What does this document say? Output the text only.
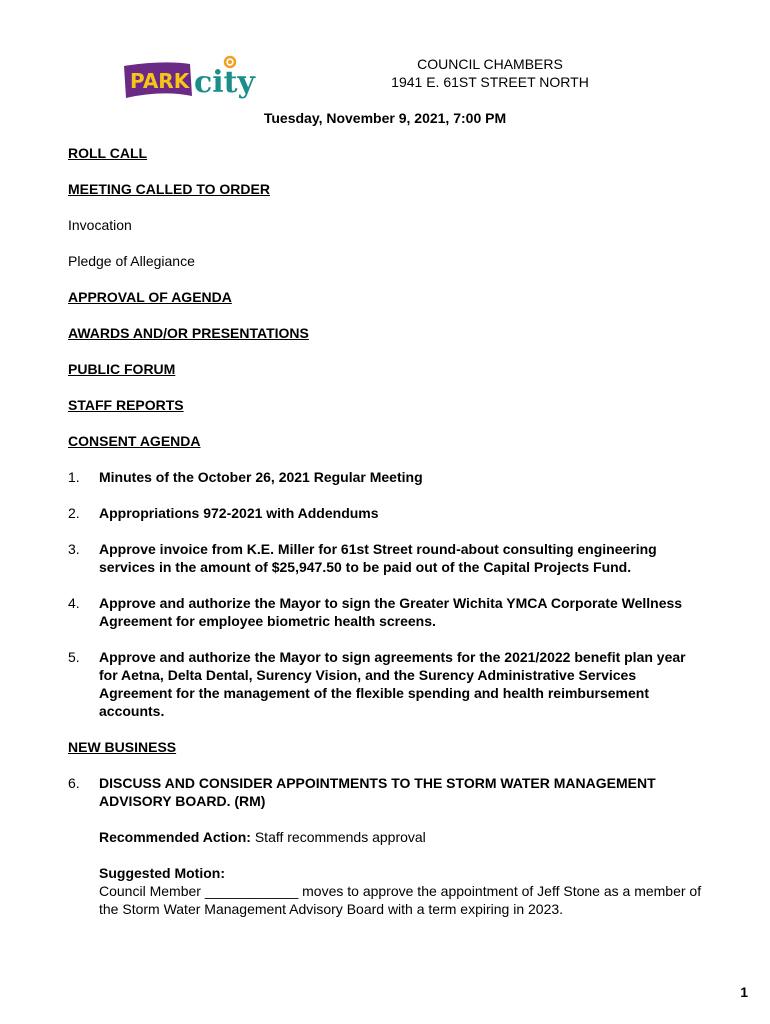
PARK city
COUNCIL CHAMBERS
1941 E. 61ST STREET NORTH
Tuesday, November 9, 2021, 7:00 PM

ROLL CALL

MEETING CALLED TO ORDER

Invocation

Pledge of Allegiance

APPROVAL OF AGENDA

AWARDS AND/OR PRESENTATIONS

PUBLIC FORUM

STAFF REPORTS

CONSENT AGENDA

1.	Minutes of the October 26, 2021 Regular Meeting
2.	Appropriations 972-2021 with Addendums
3.	Approve invoice from K.E. Miller for 61st Street round-about consulting engineering services in the amount of $25,947.50 to be paid out of the Capital Projects Fund.
4.	Approve and authorize the Mayor to sign the Greater Wichita YMCA Corporate Wellness Agreement for employee biometric health screens.
5.	Approve and authorize the Mayor to sign agreements for the 2021/2022 benefit plan year for Aetna, Delta Dental, Surency Vision, and the Surency Administrative Services Agreement for the management of the flexible spending and health reimbursement accounts.

NEW BUSINESS

6.	DISCUSS AND CONSIDER APPOINTMENTS TO THE STORM WATER MANAGEMENT ADVISORY BOARD. (RM)
Recommended Action: Staff recommends approval
Suggested Motion:
Council Member ____________ moves to approve the appointment of Jeff Stone as a member of the Storm Water Management Advisory Board with a term expiring in 2023.
1
